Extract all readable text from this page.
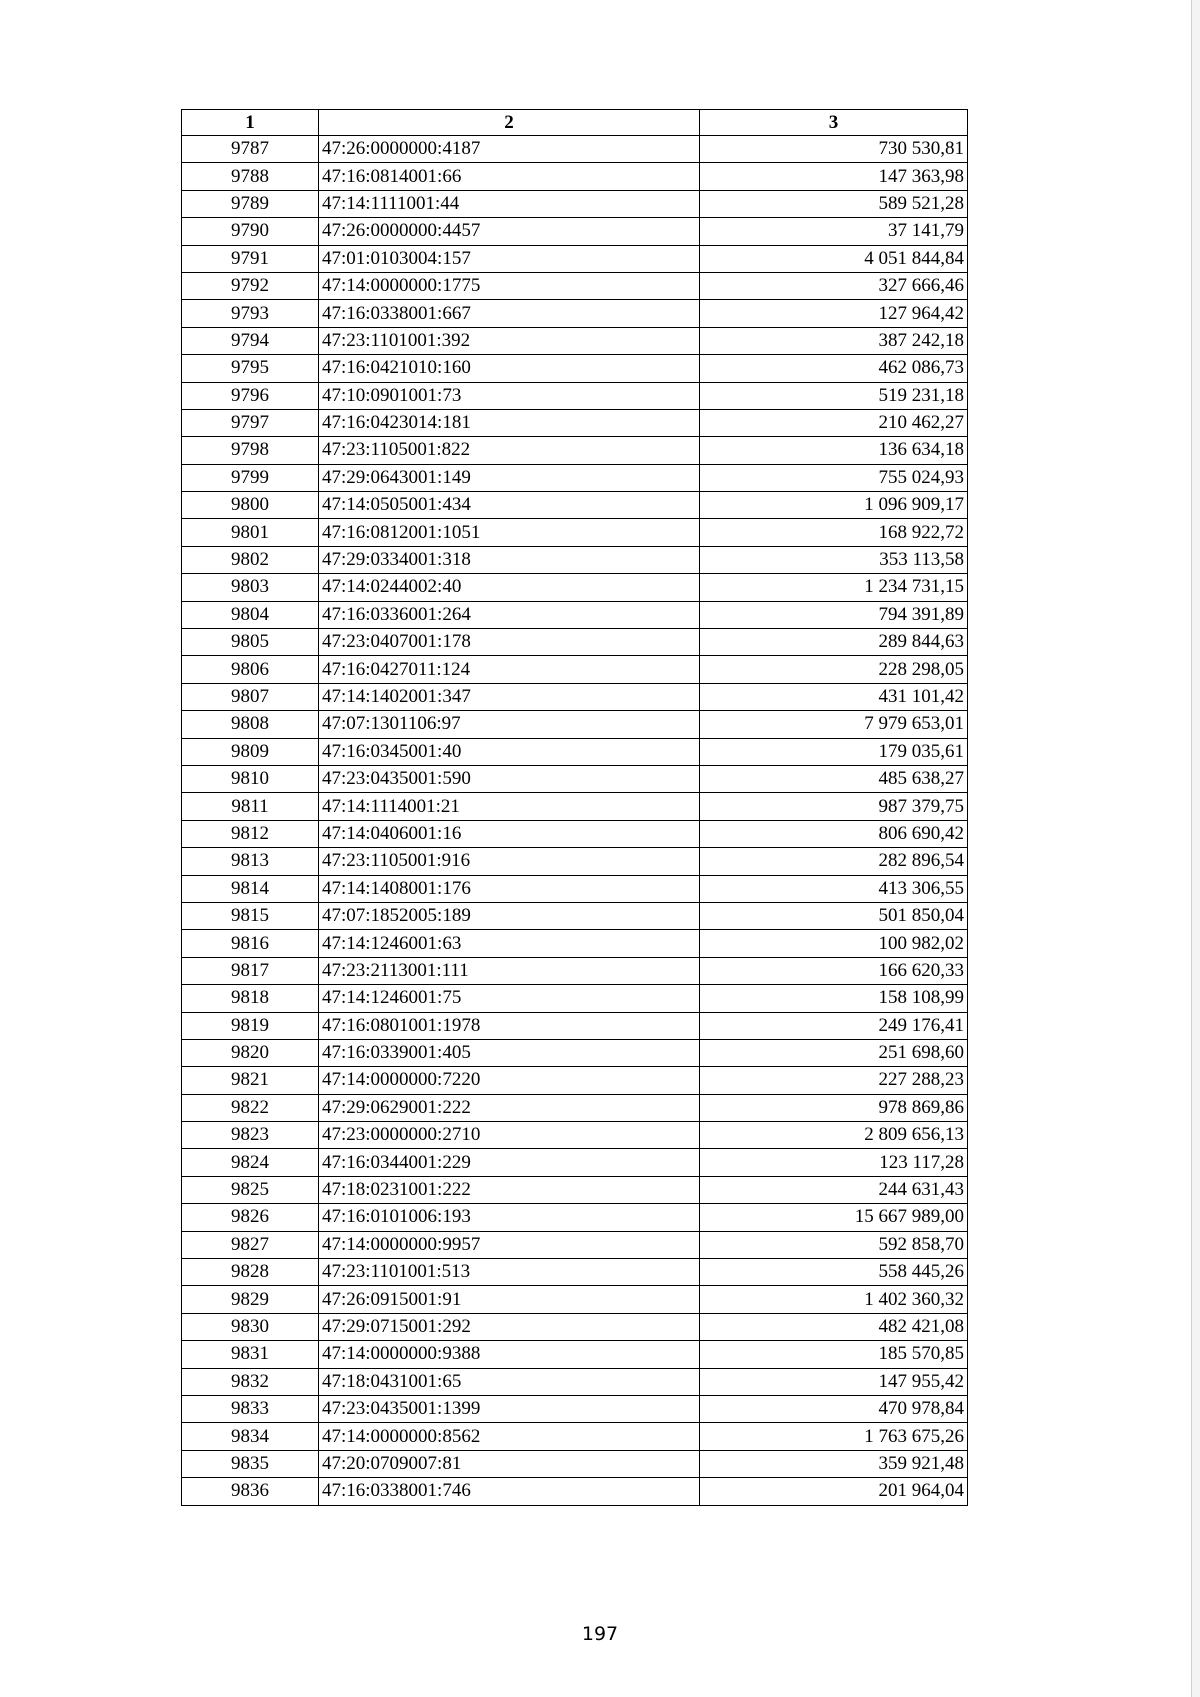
1	2	3
9787	47:26:0000000:4187	730 530,81
9788	47:16:0814001:66	147 363,98
9789	47:14:1111001:44	589 521,28
9790	47:26:0000000:4457	37 141,79
9791	47:01:0103004:157	4 051 844,84
9792	47:14:0000000:1775	327 666,46
9793	47:16:0338001:667	127 964,42
9794	47:23:1101001:392	387 242,18
9795	47:16:0421010:160	462 086,73
9796	47:10:0901001:73	519 231,18
9797	47:16:0423014:181	210 462,27
9798	47:23:1105001:822	136 634,18
9799	47:29:0643001:149	755 024,93
9800	47:14:0505001:434	1 096 909,17
9801	47:16:0812001:1051	168 922,72
9802	47:29:0334001:318	353 113,58
9803	47:14:0244002:40	1 234 731,15
9804	47:16:0336001:264	794 391,89
9805	47:23:0407001:178	289 844,63
9806	47:16:0427011:124	228 298,05
9807	47:14:1402001:347	431 101,42
9808	47:07:1301106:97	7 979 653,01
9809	47:16:0345001:40	179 035,61
9810	47:23:0435001:590	485 638,27
9811	47:14:1114001:21	987 379,75
9812	47:14:0406001:16	806 690,42
9813	47:23:1105001:916	282 896,54
9814	47:14:1408001:176	413 306,55
9815	47:07:1852005:189	501 850,04
9816	47:14:1246001:63	100 982,02
9817	47:23:2113001:111	166 620,33
9818	47:14:1246001:75	158 108,99
9819	47:16:0801001:1978	249 176,41
9820	47:16:0339001:405	251 698,60
9821	47:14:0000000:7220	227 288,23
9822	47:29:0629001:222	978 869,86
9823	47:23:0000000:2710	2 809 656,13
9824	47:16:0344001:229	123 117,28
9825	47:18:0231001:222	244 631,43
9826	47:16:0101006:193	15 667 989,00
9827	47:14:0000000:9957	592 858,70
9828	47:23:1101001:513	558 445,26
9829	47:26:0915001:91	1 402 360,32
9830	47:29:0715001:292	482 421,08
9831	47:14:0000000:9388	185 570,85
9832	47:18:0431001:65	147 955,42
9833	47:23:0435001:1399	470 978,84
9834	47:14:0000000:8562	1 763 675,26
9835	47:20:0709007:81	359 921,48
9836	47:16:0338001:746	201 964,04
197
